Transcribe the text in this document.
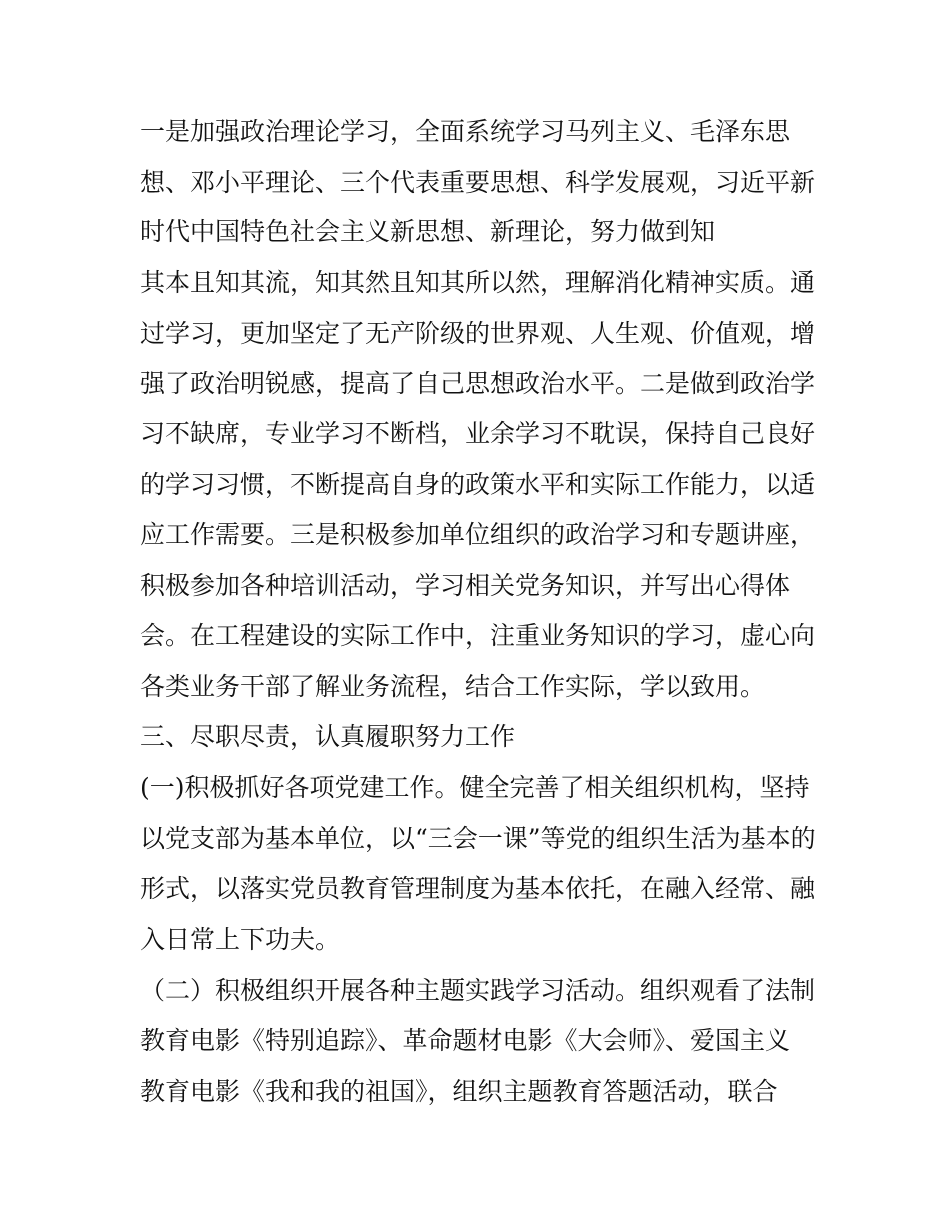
一是加强政治理论学习，全面系统学习马列主义、毛泽东思
想、邓小平理论、三个代表重要思想、科学发展观，习近平新
时代中国特色社会主义新思想、新理论，努力做到知
其本且知其流，知其然且知其所以然，理解消化精神实质。通
过学习，更加坚定了无产阶级的世界观、人生观、价值观，增
强了政治明锐感，提高了自己思想政治水平。二是做到政治学
习不缺席，专业学习不断档，业余学习不耽误，保持自己良好
的学习习惯，不断提高自身的政策水平和实际工作能力，以适
应工作需要。三是积极参加单位组织的政治学习和专题讲座，
积极参加各种培训活动，学习相关党务知识，并写出心得体
会。在工程建设的实际工作中，注重业务知识的学习，虚心向
各类业务干部了解业务流程，结合工作实际，学以致用。
三、尽职尽责，认真履职努力工作
(一)积极抓好各项党建工作。健全完善了相关组织机构，坚持
以党支部为基本单位，以“三会一课”等党的组织生活为基本的
形式，以落实党员教育管理制度为基本依托，在融入经常、融
入日常上下功夫。
（二）积极组织开展各种主题实践学习活动。组织观看了法制
教育电影《特别追踪》、革命题材电影《大会师》、爱国主义
教育电影《我和我的祖国》，组织主题教育答题活动，联合
